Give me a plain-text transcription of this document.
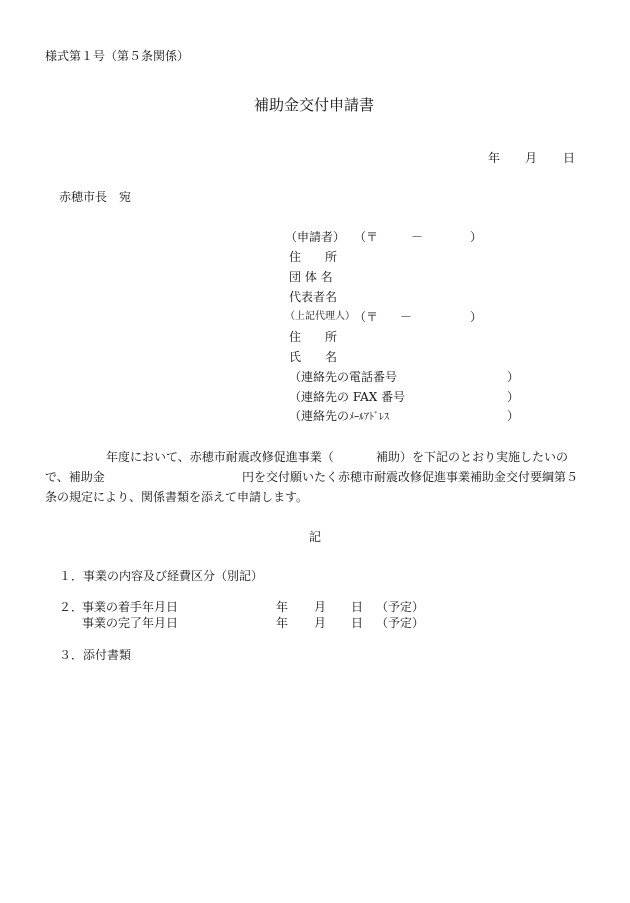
様式第１号（第５条関係）
補助金交付申請書
年 月 日
赤穂市長　宛
（申請者） （〒	－	）
住　　所
団 体 名
代表者名
（上記代理人） （〒 －	）
住　　所
氏　　名
（連絡先の電話番号	）
（連絡先の FAX 番号	）
（連絡先のﾒｰﾙｱﾄﾞﾚｽ	）
年度において、赤穂市耐震改修促進事業（	補助）を下記のとおり実施したいの
で、補助金	円を交付願いたく赤穂市耐震改修促進事業補助金交付要綱第５
条の規定により、関係書類を添えて申請します。
記
１．事業の内容及び経費区分（別記）
２．
事業の着手年月日	年 月 日 （予定）
事業の完了年月日	年 月 日 （予定）
３．添付書類
